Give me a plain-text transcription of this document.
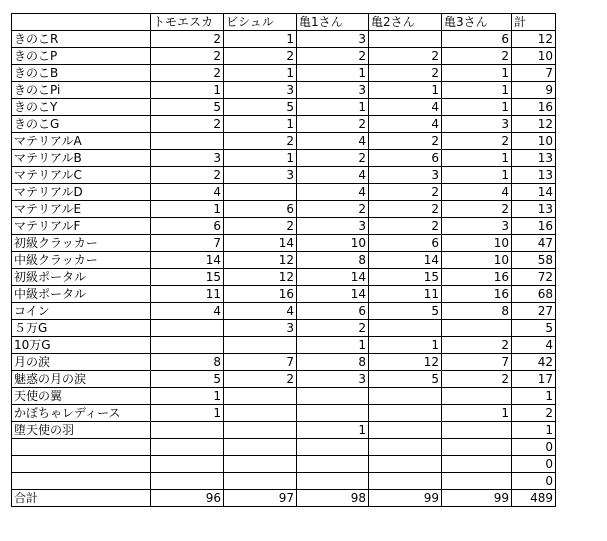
	トモエスカ	ビシュル	亀1さん	亀2さん	亀3さん	計
きのこR	2	1	3		6	12
きのこP	2	2	2	2	2	10
きのこB	2	1	1	2	1	7
きのこPi	1	3	3	1	1	9
きのこY	5	5	1	4	1	16
きのこG	2	1	2	4	3	12
マテリアルA		2	4	2	2	10
マテリアルB	3	1	2	6	1	13
マテリアルC	2	3	4	3	1	13
マテリアルD	4		4	2	4	14
マテリアルE	1	6	2	2	2	13
マテリアルF	6	2	3	2	3	16
初級クラッカー	7	14	10	6	10	47
中級クラッカー	14	12	8	14	10	58
初級ポータル	15	12	14	15	16	72
中級ポータル	11	16	14	11	16	68
コイン	4	4	6	5	8	27
５万G		3	2			5
10万G			1	1	2	4
月の涙	8	7	8	12	7	42
魅惑の月の涙	5	2	3	5	2	17
天使の翼	1					1
かぼちゃレディース	1				1	2
堕天使の羽			1			1
						0
						0
						0
合計	96	97	98	99	99	489
